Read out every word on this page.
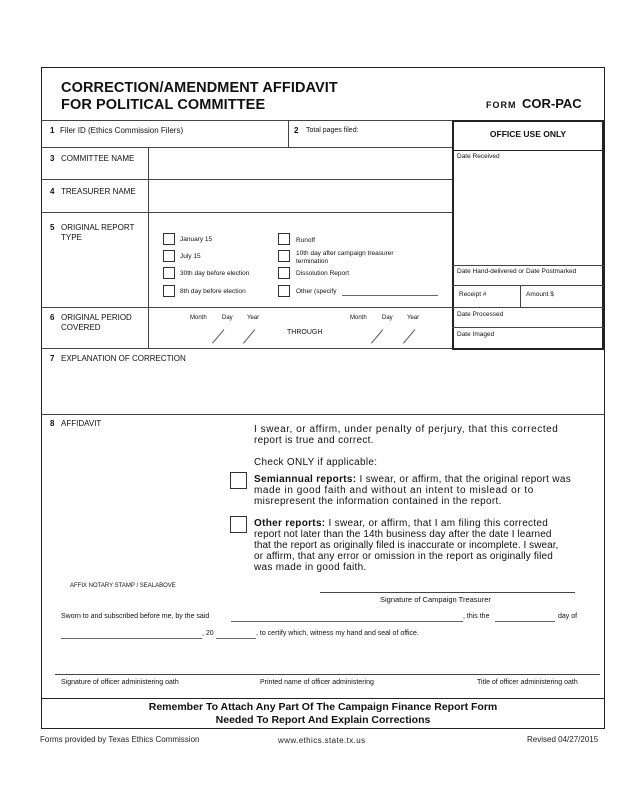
CORRECTION/AMENDMENT AFFIDAVIT
FOR POLITICAL COMMITTEE	FORM COR-PAC
1 Filer ID (Ethics Commission Filers)	2 Total pages filed:	OFFICE USE ONLY
Date Received
Date Hand-delivered or Date Postmarked
Receipt #	Amount $
Date Processed
Date Imaged
3 COMMITTEE NAME
4 TREASURER NAME
5 ORIGINAL REPORT
TYPE	January 15
July 15
30th day before election
8th day before election
Runoff
10th day after campaign treasurer
termination
Dissolution Report
Other (specify
6 ORIGINAL PERIOD
COVERED
Month	Day Year
THROUGH
Month	Day Year
7 EXPLANATION OF CORRECTION
8 AFFIDAVIT
I swear, or affirm, under penalty of perjury, that this corrected
report is true and correct.
Check ONLY if applicable:
Semiannual reports: I swear, or affirm, that the original report was
made in good faith and without an intent to mislead or to
misrepresent the information contained in the report.
Other reports: I swear, or affirm, that I am filing this corrected
report not later than the 14th business day after the date I learned
that the report as originally filed is inaccurate or incomplete. I swear,
or affirm, that any error or omission in the report as originally filed
was made in good faith.
AFFIX NOTARY STAMP / SEALABOVE
Signature of Campaign Treasurer
Sworn to and subscribed before me, by the said	, this the	day of
, 20	, to certify which, witness my hand and seal of office.
Signature of officer administering oath	Printed name of officer administering	Title of officer administering oath
Remember To Attach Any Part Of The Campaign Finance Report Form
Needed To Report And Explain Corrections
Forms provided by Texas Ethics Commission	www.ethics.state.tx.us	Revised 04/27/2015
